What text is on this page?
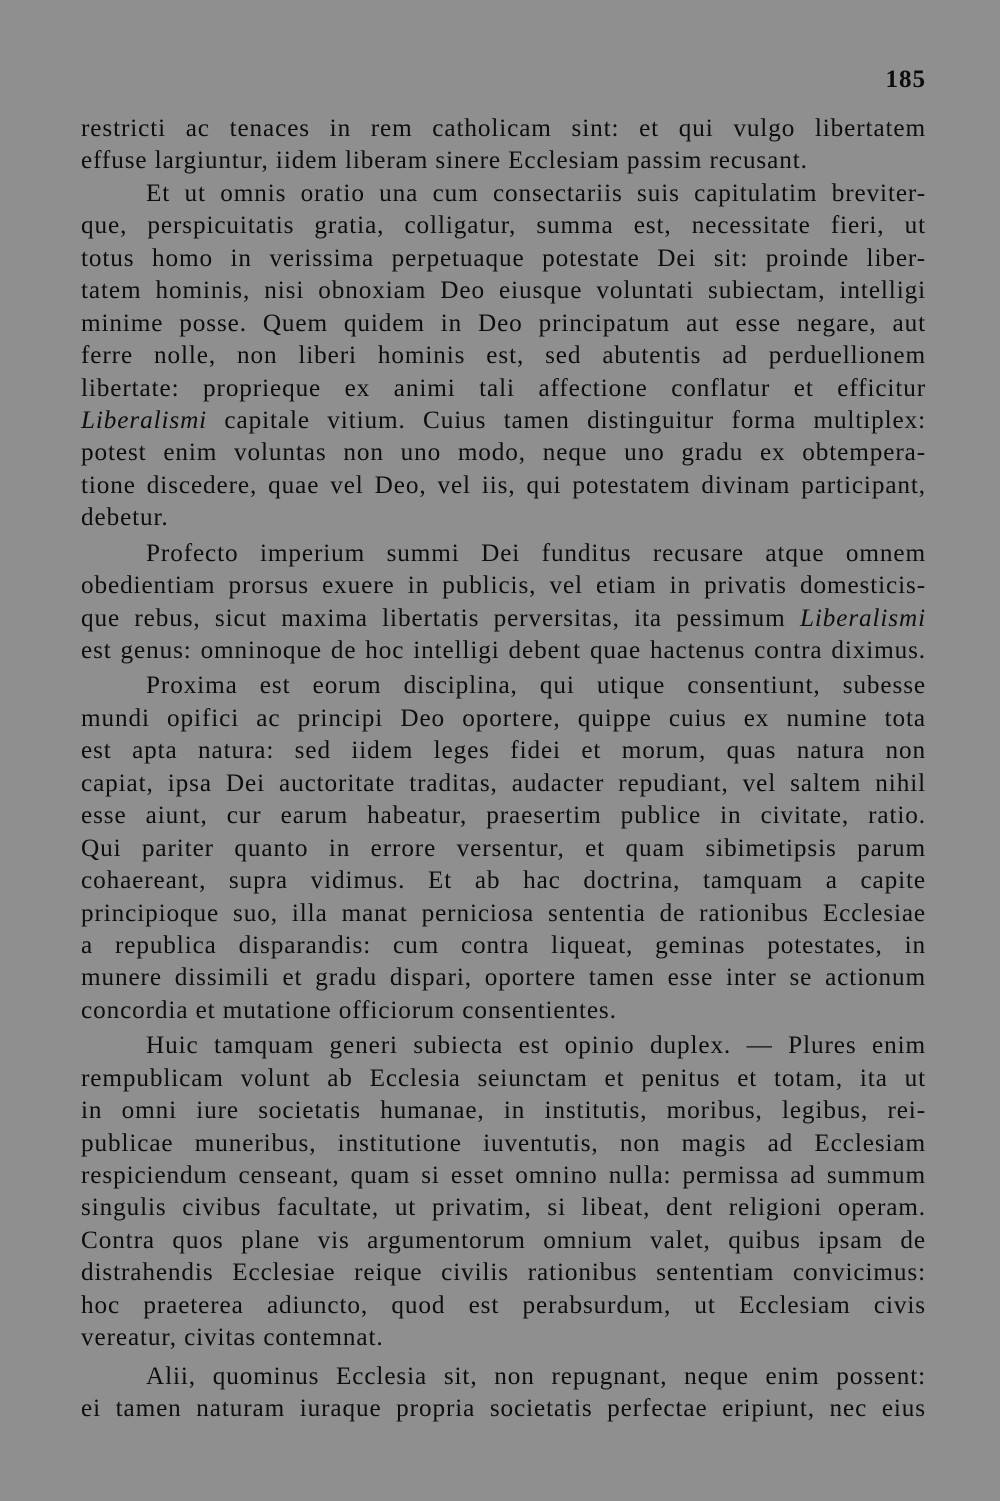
185
restricti ac tenaces in rem catholicam sint: et qui vulgo libertatem
effuse largiuntur, iidem liberam sinere Ecclesiam passim recusant.
Et ut omnis oratio una cum consectariis suis capitulatim breviter-
que, perspicuitatis gratia, colligatur, summa est, necessitate fieri, ut
totus homo in verissima perpetuaque potestate Dei sit: proinde liber-
tatem hominis, nisi obnoxiam Deo eiusque voluntati subiectam, intelligi
minime posse. Quem quidem in Deo principatum aut esse negare, aut
ferre nolle, non liberi hominis est, sed abutentis ad perduellionem
libertate: proprieque ex animi tali affectione conflatur et efficitur
Liberalismi capitale vitium. Cuius tamen distinguitur forma multiplex:
potest enim voluntas non uno modo, neque uno gradu ex obtempera-
tione discedere, quae vel Deo, vel iis, qui potestatem divinam participant,
debetur.
Profecto imperium summi Dei funditus recusare atque omnem
obedientiam prorsus exuere in publicis, vel etiam in privatis domesticis-
que rebus, sicut maxima libertatis perversitas, ita pessimum Liberalismi
est genus: omninoque de hoc intelligi debent quae hactenus contra diximus.
Proxima est eorum disciplina, qui utique consentiunt, subesse
mundi opifici ac principi Deo oportere, quippe cuius ex numine tota
est apta natura: sed iidem leges fidei et morum, quas natura non
capiat, ipsa Dei auctoritate traditas, audacter repudiant, vel saltem nihil
esse aiunt, cur earum habeatur, praesertim publice in civitate, ratio.
Qui pariter quanto in errore versentur, et quam sibimetipsis parum
cohaereant, supra vidimus. Et ab hac doctrina, tamquam a capite
principioque suo, illa manat perniciosa sententia de rationibus Ecclesiae
a republica disparandis: cum contra liqueat, geminas potestates, in
munere dissimili et gradu dispari, oportere tamen esse inter se actionum
concordia et mutatione officiorum consentientes.
Huic tamquam generi subiecta est opinio duplex. — Plures enim
rempublicam volunt ab Ecclesia seiunctam et penitus et totam, ita ut
in omni iure societatis humanae, in institutis, moribus, legibus, rei-
publicae muneribus, institutione iuventutis, non magis ad Ecclesiam
respiciendum censeant, quam si esset omnino nulla: permissa ad summum
singulis civibus facultate, ut privatim, si libeat, dent religioni operam.
Contra quos plane vis argumentorum omnium valet, quibus ipsam de
distrahendis Ecclesiae reique civilis rationibus sententiam convicimus:
hoc praeterea adiuncto, quod est perabsurdum, ut Ecclesiam civis
vereatur, civitas contemnat.
Alii, quominus Ecclesia sit, non repugnant, neque enim possent:
ei tamen naturam iuraque propria societatis perfectae eripiunt, nec eius
